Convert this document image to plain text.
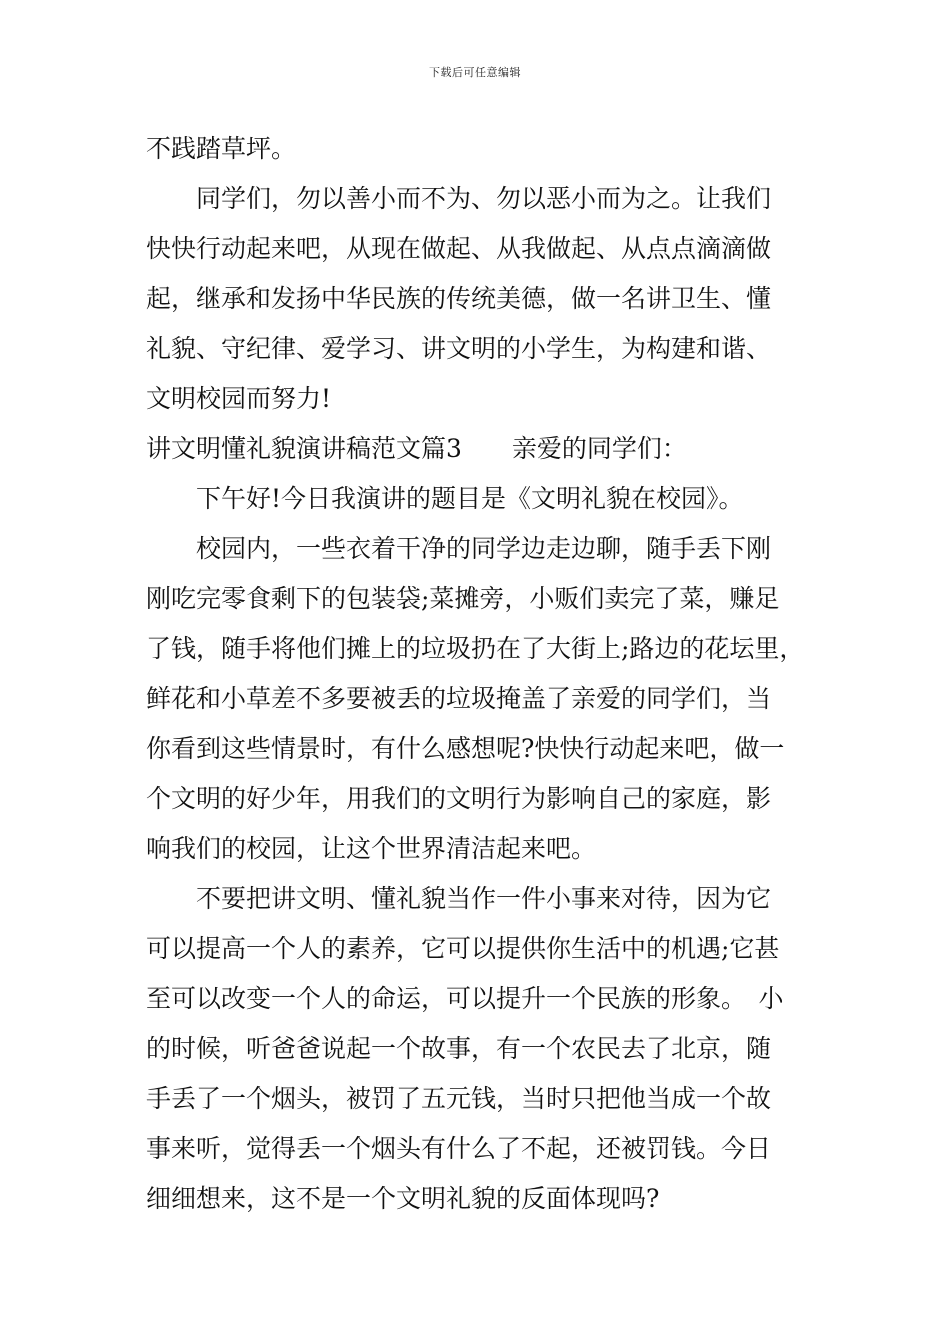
下载后可任意编辑
不践踏草坪。
同学们，勿以善小而不为、勿以恶小而为之。让我们
快快行动起来吧，从现在做起、从我做起、从点点滴滴做
起，继承和发扬中华民族的传统美德，做一名讲卫生、懂
礼貌、守纪律、爱学习、讲文明的小学生，为构建和谐、
文明校园而努力!
讲文明懂礼貌演讲稿范文篇3　　亲爱的同学们：
下午好!今日我演讲的题目是《文明礼貌在校园》。
校园内，一些衣着干净的同学边走边聊，随手丢下刚
刚吃完零食剩下的包装袋;菜摊旁，小贩们卖完了菜，赚足
了钱，随手将他们摊上的垃圾扔在了大街上;路边的花坛里，
鲜花和小草差不多要被丢的垃圾掩盖了亲爱的同学们，当
你看到这些情景时，有什么感想呢?快快行动起来吧，做一
个文明的好少年，用我们的文明行为影响自己的家庭，影
响我们的校园，让这个世界清洁起来吧。
不要把讲文明、懂礼貌当作一件小事来对待，因为它
可以提高一个人的素养，它可以提供你生活中的机遇;它甚
至可以改变一个人的命运，可以提升一个民族的形象。　小
的时候，听爸爸说起一个故事，有一个农民去了北京，随
手丢了一个烟头，被罚了五元钱，当时只把他当成一个故
事来听，觉得丢一个烟头有什么了不起，还被罚钱。今日
细细想来，这不是一个文明礼貌的反面体现吗?
